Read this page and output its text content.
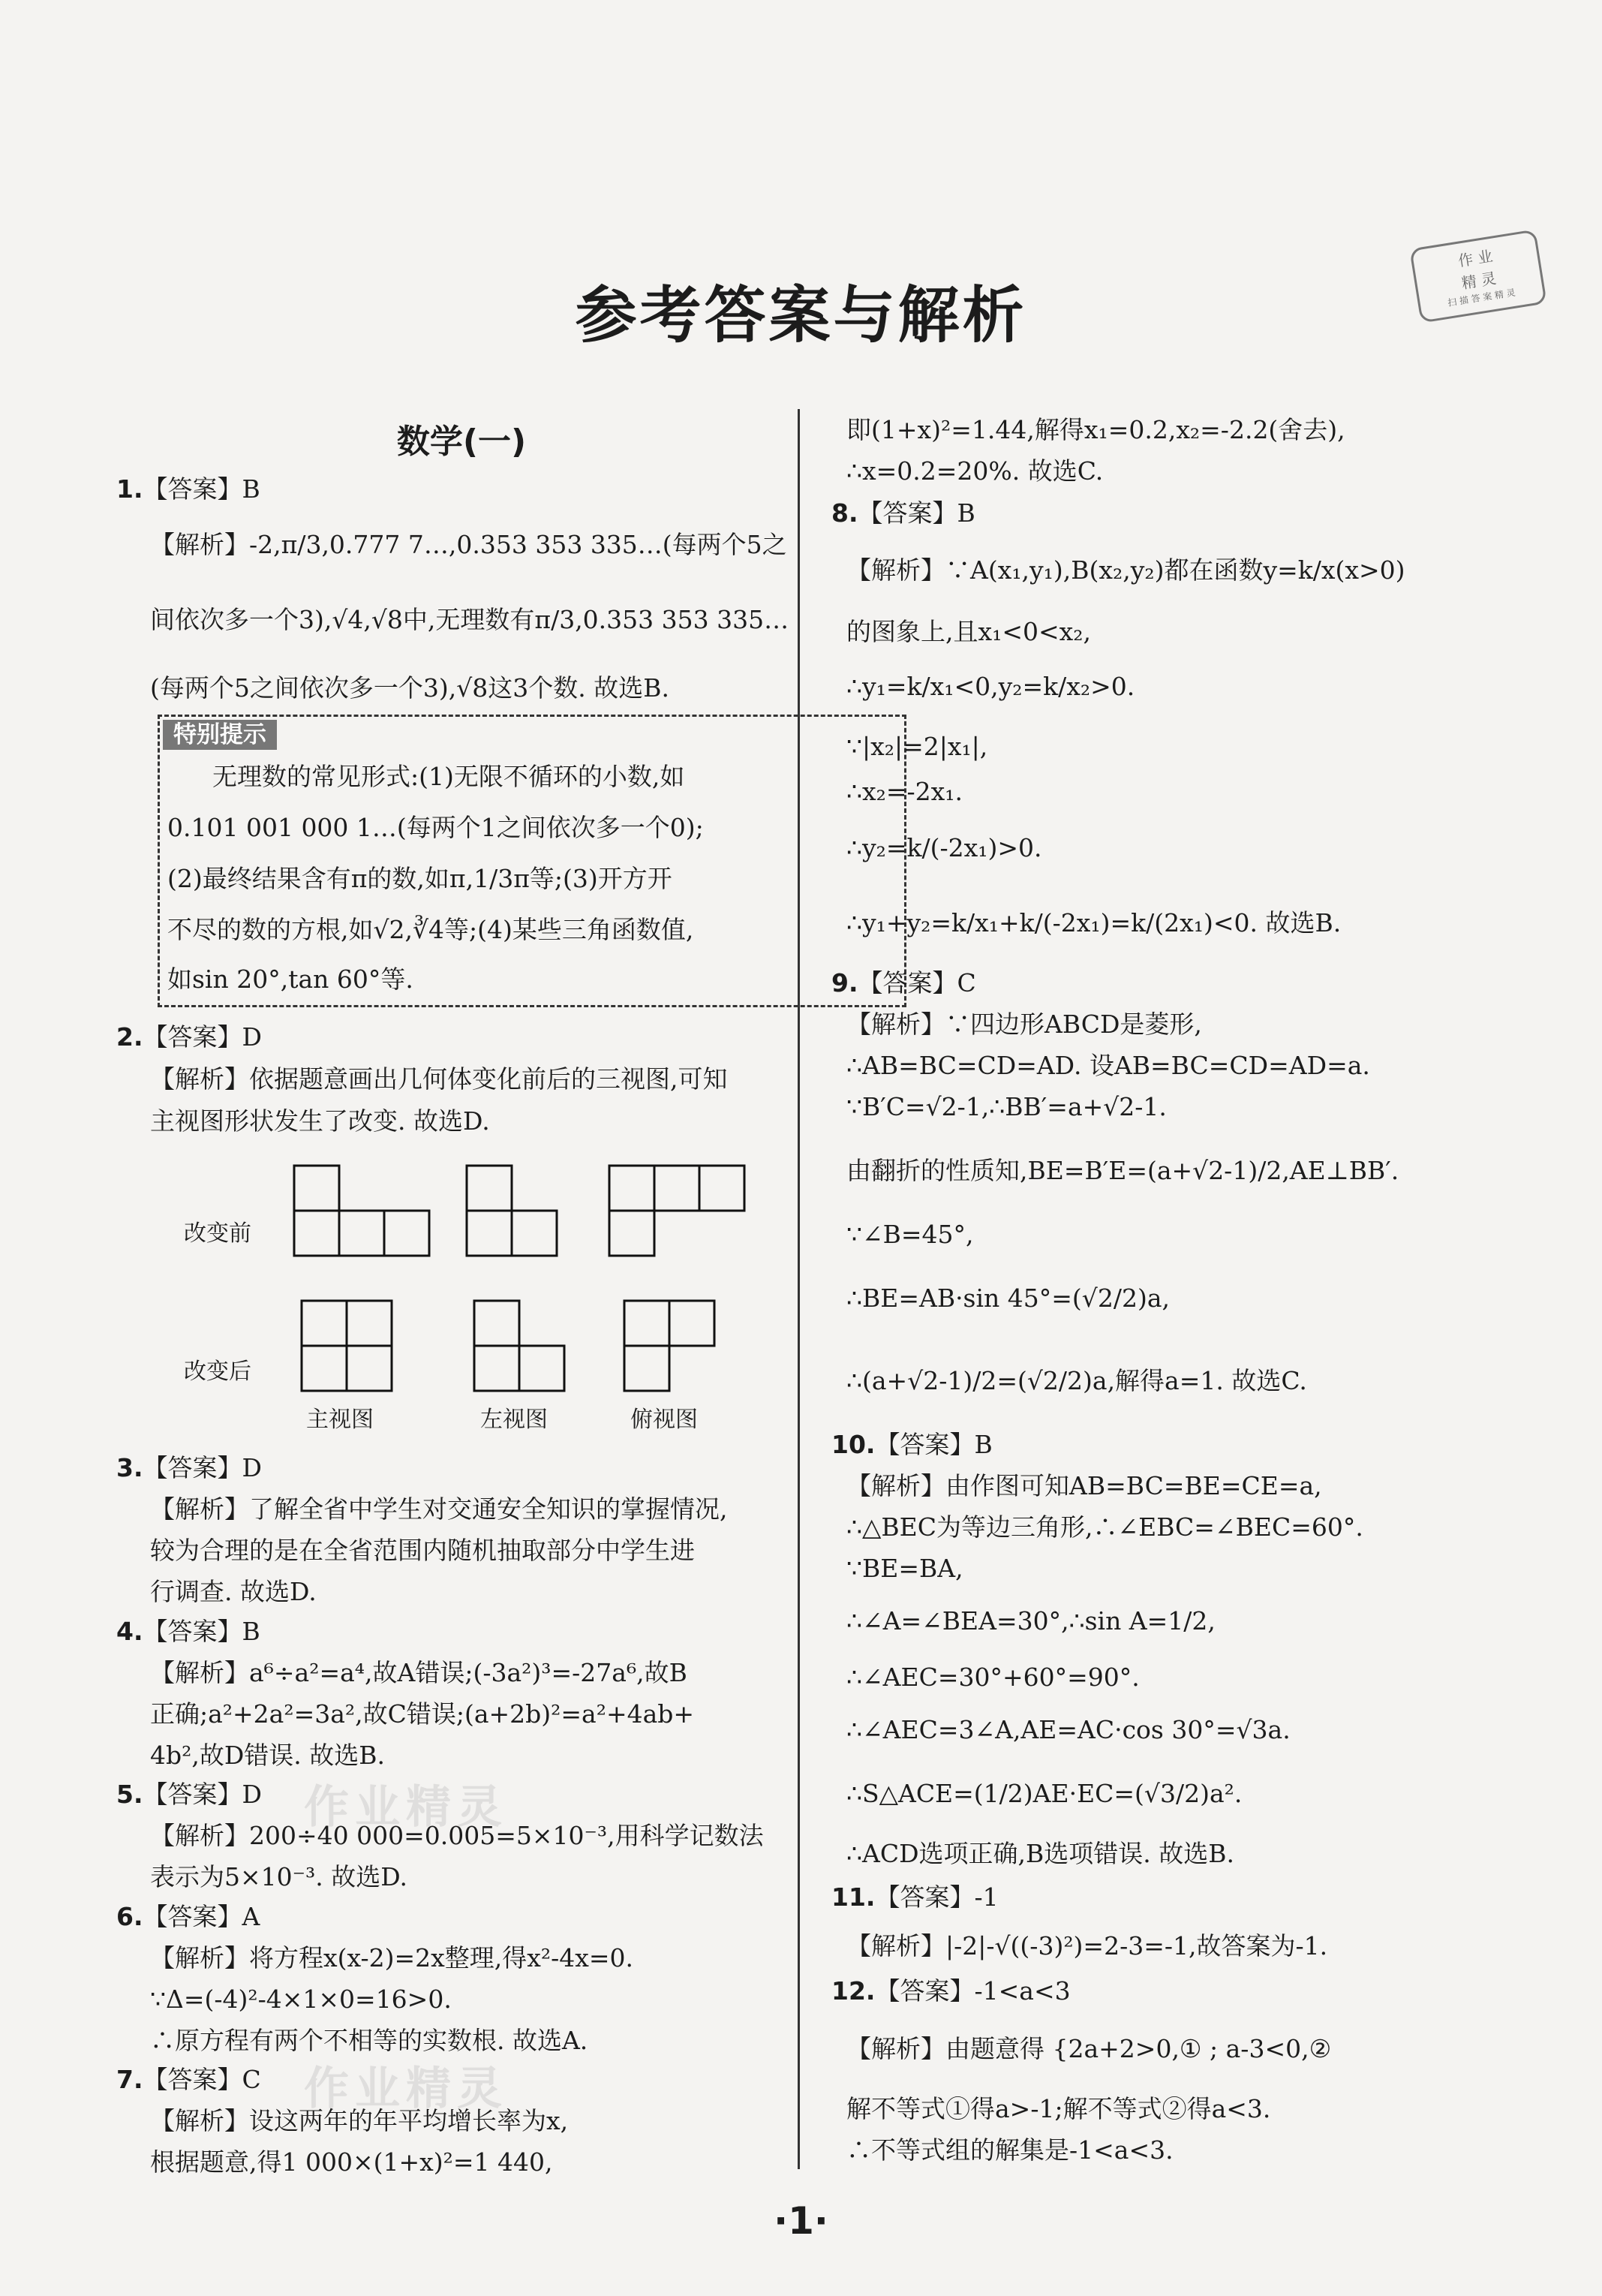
参考答案与解析
作 业
精 灵
扫 描 答 案 精 灵
数学(一)
1.【答案】B
【解析】-2,π/3,0.777 7…,0.353 353 335…(每两个5之
间依次多一个3),√4,√8中,无理数有π/3,0.353 353 335…
(每两个5之间依次多一个3),√8这3个数. 故选B.
2.【答案】D
【解析】依据题意画出几何体变化前后的三视图,可知
主视图形状发生了改变. 故选D.
3.【答案】D
【解析】了解全省中学生对交通安全知识的掌握情况,
较为合理的是在全省范围内随机抽取部分中学生进
行调查. 故选D.
4.【答案】B
【解析】a⁶÷a²=a⁴,故A错误;(-3a²)³=-27a⁶,故B
正确;a²+2a²=3a²,故C错误;(a+2b)²=a²+4ab+
4b²,故D错误. 故选B.
5.【答案】D
【解析】200÷40 000=0.005=5×10⁻³,用科学记数法
表示为5×10⁻³. 故选D.
6.【答案】A
【解析】将方程x(x-2)=2x整理,得x²-4x=0.
∵Δ=(-4)²-4×1×0=16>0.
∴原方程有两个不相等的实数根. 故选A.
7.【答案】C
【解析】设这两年的年平均增长率为x,
根据题意,得1 000×(1+x)²=1 440,
特别提示
无理数的常见形式:(1)无限不循环的小数,如
0.101 001 000 1…(每两个1之间依次多一个0);
(2)最终结果含有π的数,如π,1/3π等;(3)开方开
不尽的数的方根,如√2,∛4等;(4)某些三角函数值,
如sin 20°,tan 60°等.
改变前
改变后
主视图	左视图	俯视图
即(1+x)²=1.44,解得x₁=0.2,x₂=-2.2(舍去),
∴x=0.2=20%. 故选C.
8.【答案】B
【解析】∵A(x₁,y₁),B(x₂,y₂)都在函数y=k/x(x>0)
的图象上,且x₁<0<x₂,
∴y₁=k/x₁<0,y₂=k/x₂>0.
∵|x₂|=2|x₁|,
∴x₂=-2x₁.
∴y₂=k/(-2x₁)>0.
∴y₁+y₂=k/x₁+k/(-2x₁)=k/(2x₁)<0. 故选B.
9.【答案】C
【解析】∵四边形ABCD是菱形,
∴AB=BC=CD=AD. 设AB=BC=CD=AD=a.
∵B′C=√2-1,∴BB′=a+√2-1.
由翻折的性质知,BE=B′E=(a+√2-1)/2,AE⊥BB′.
∵∠B=45°,
∴BE=AB·sin 45°=(√2/2)a,
∴(a+√2-1)/2=(√2/2)a,解得a=1. 故选C.
10.【答案】B
【解析】由作图可知AB=BC=BE=CE=a,
∴△BEC为等边三角形,∴∠EBC=∠BEC=60°.
∵BE=BA,
∴∠A=∠BEA=30°,∴sin A=1/2,
∴∠AEC=30°+60°=90°.
∴∠AEC=3∠A,AE=AC·cos 30°=√3a.
∴S△ACE=(1/2)AE·EC=(√3/2)a².
∴ACD选项正确,B选项错误. 故选B.
11.【答案】-1
【解析】|-2|-√((-3)²)=2-3=-1,故答案为-1.
12.【答案】-1<a<3
【解析】由题意得 {2a+2>0,① ; a-3<0,②
解不等式①得a>-1;解不等式②得a<3.
∴不等式组的解集是-1<a<3.
作业精灵
作业精灵
·1·
